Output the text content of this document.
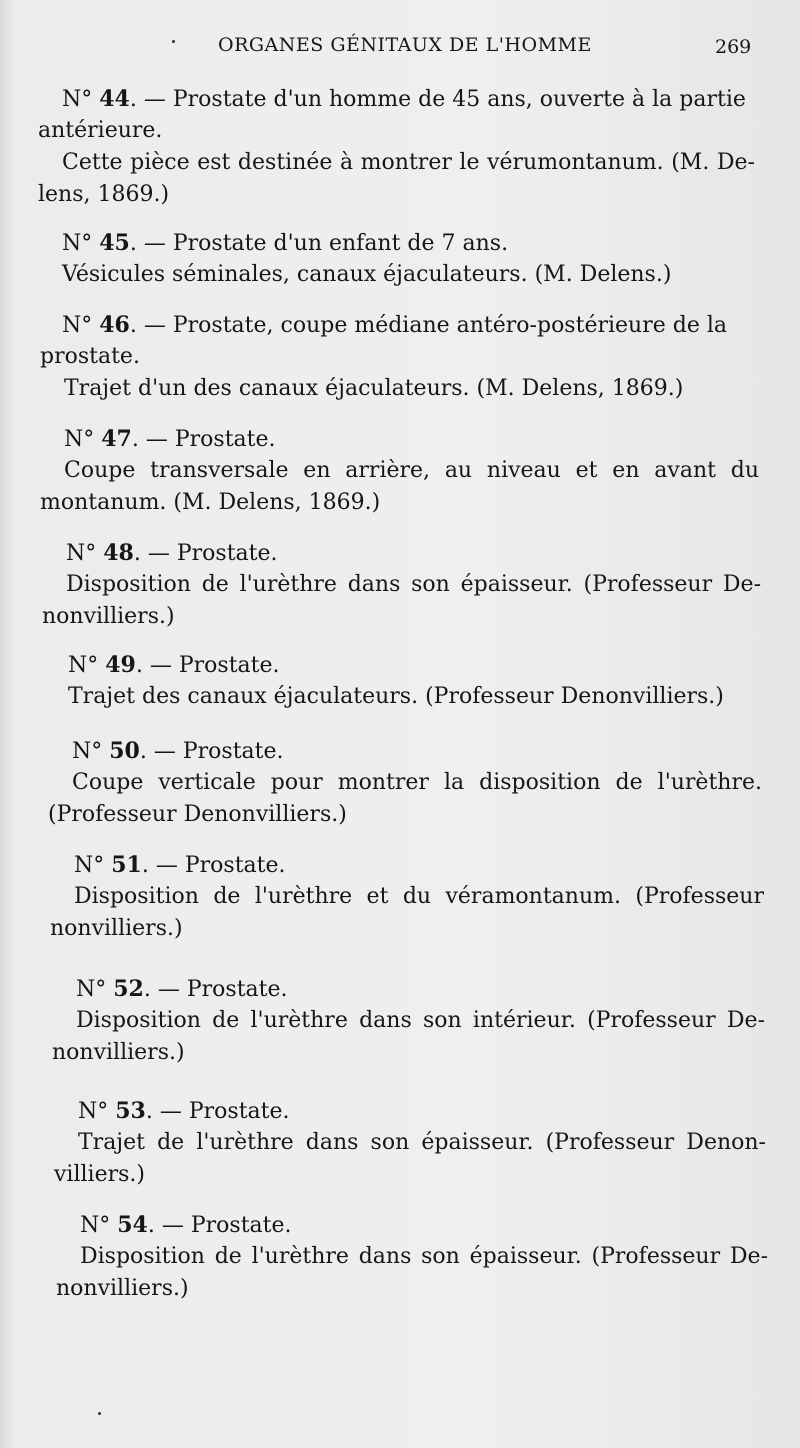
ORGANES GÉNITAUX DE L'HOMME	269
N° 44. — Prostate d'un homme de 45 ans, ouverte à la partie
antérieure.
Cette pièce est destinée à montrer le vérumontanum. (M. De-
lens, 1869.)
N° 45. — Prostate d'un enfant de 7 ans.
Vésicules séminales, canaux éjaculateurs. (M. Delens.)
N° 46. — Prostate, coupe médiane antéro-postérieure de la
prostate.
Trajet d'un des canaux éjaculateurs. (M. Delens, 1869.)
N° 47. — Prostate.
Coupe transversale en arrière, au niveau et en avant du
montanum. (M. Delens, 1869.)
N° 48. — Prostate.
Disposition de l'urèthre dans son épaisseur. (Professeur De-
nonvilliers.)
N° 49. — Prostate.
Trajet des canaux éjaculateurs. (Professeur Denonvilliers.)
N° 50. — Prostate.
Coupe verticale pour montrer la disposition de l'urèthre.
(Professeur Denonvilliers.)
N° 51. — Prostate.
Disposition de l'urèthre et du véramontanum. (Professeur
nonvilliers.)
N° 52. — Prostate.
Disposition de l'urèthre dans son intérieur. (Professeur De-
nonvilliers.)
N° 53. — Prostate.
Trajet de l'urèthre dans son épaisseur. (Professeur Denon-
villiers.)
N° 54. — Prostate.
Disposition de l'urèthre dans son épaisseur. (Professeur De-
nonvilliers.)
